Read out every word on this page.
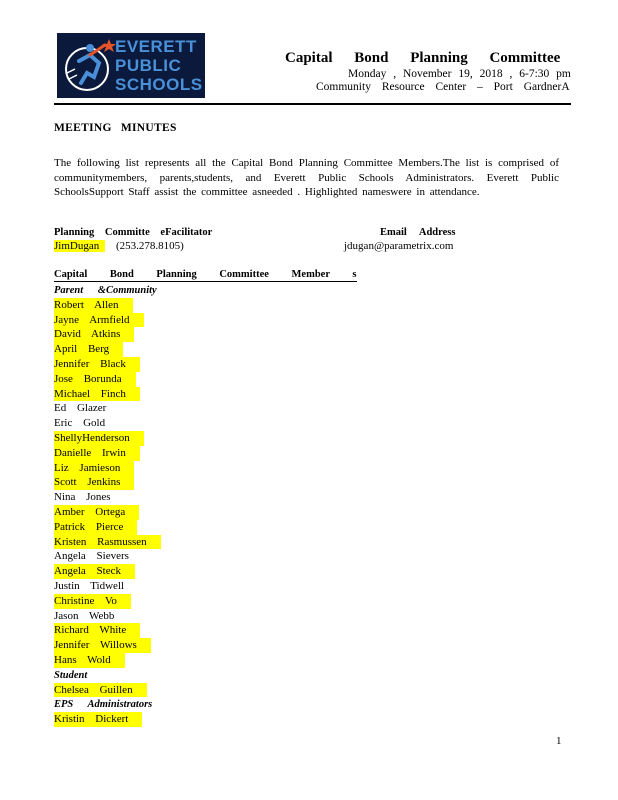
EVERETT
PUBLIC
SCHOOLS
Capital Bond Planning Committee
Monday , November 19, 2018 , 6-7:30 pm
Community Resource Center – Port GardnerA
MEETING MINUTES
The following list represents all the Capital Bond Planning Committee Members.The list is comprised of communitymembers, parents,students, and Everett Public Schools Administrators. Everett Public SchoolsSupport Staff assist the committee asneeded . Highlighted nameswere in attendance.
Planning Committe eFacilitator	Email Address
JimDugan	(253.278.8105)	jdugan@parametrix.com
Capital Bond Planning Committee Member s
Parent &Community
Robert Allen
Jayne Armfield
David Atkins
April Berg
Jennifer Black
Jose Borunda
Michael Finch
Ed Glazer
Eric Gold
ShellyHenderson
Danielle Irwin
Liz Jamieson
Scott Jenkins
Nina Jones
Amber Ortega
Patrick Pierce
Kristen Rasmussen
Angela Sievers
Angela Steck
Justin Tidwell
Christine Vo
Jason Webb
Richard White
Jennifer Willows
Hans Wold
Student
Chelsea Guillen
EPS Administrators
Kristin Dickert
1
